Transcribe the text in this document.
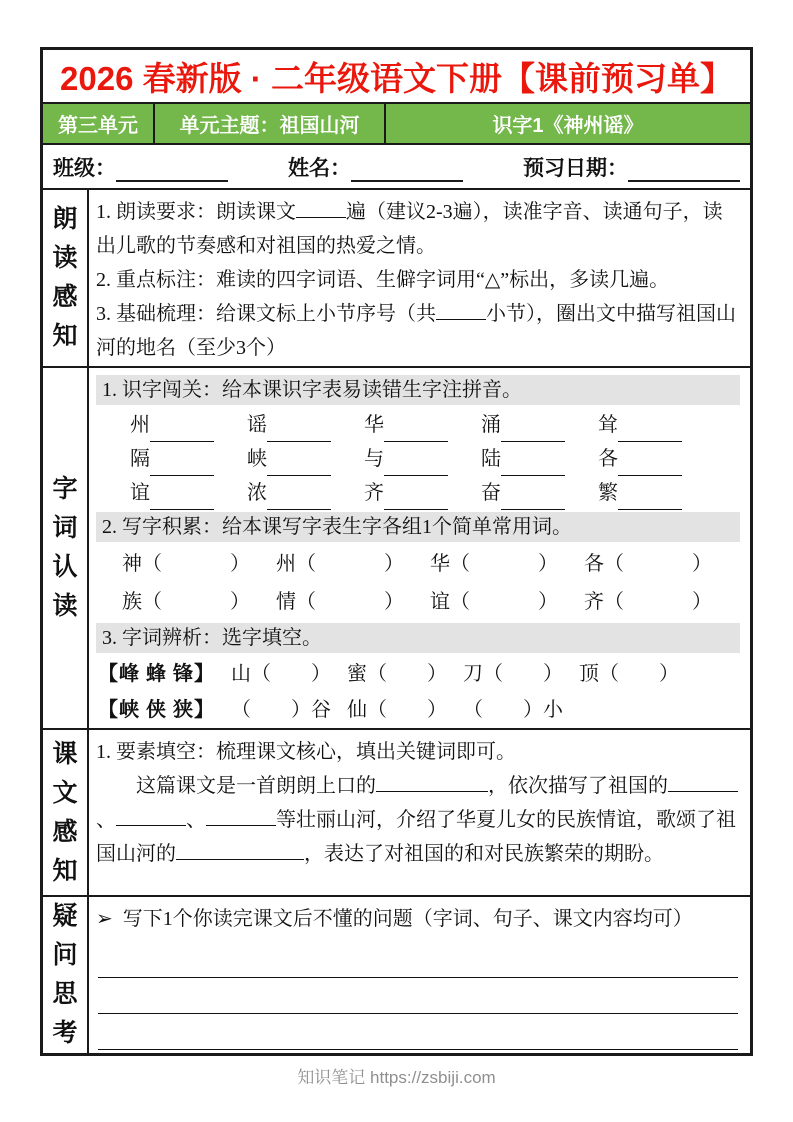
2026 春新版 · 二年级语文下册【课前预习单】
第三单元	单元主题：祖国山河	识字1《神州谣》
班级：	姓名：	预习日期：
朗读感知

1. 朗读要求：朗读课文	遍（建议2-3遍），读准字音、读通句子，读出儿歌的节奏感和对祖国的热爱之情。

2. 重点标注：难读的四字词语、生僻字词用“△”标出，多读几遍。

3. 基础梳理：给课文标上小节序号（共	小节），圈出文中描写祖国山河的地名（至少3个）

字词认读
1. 识字闯关：给本课识字表易读错生字注拼音。
州	谣	华	涌	耸
隔	峡	与	陆	各
谊	浓	齐	奋	繁
2. 写字积累：给本课写字表生字各组1个简单常用词。
神（	） 州（	） 华（	） 各（	）
族（	） 情（	） 谊（	） 齐（	）
3. 字词辨析：选字填空。
【峰 蜂 锋】 山（ ） 蜜（ ） 刀（ ） 顶（ ）
【峡 侠 狭】 （ ）谷 仙（ ） （ ）小
课文感知

1. 要素填空：梳理课文核心，填出关键词即可。

这篇课文是一首朗朗上口的	，依次描写了祖国的、	、	等壮丽山河，介绍了华夏儿女的民族情谊，歌颂了祖国山河的	，表达了对祖国的和对民族繁荣的期盼。
疑问思考

➢ 写下1个你读完课文后不懂的问题（字词、句子、课文内容均可）

知识笔记 https://zsbiji.com
